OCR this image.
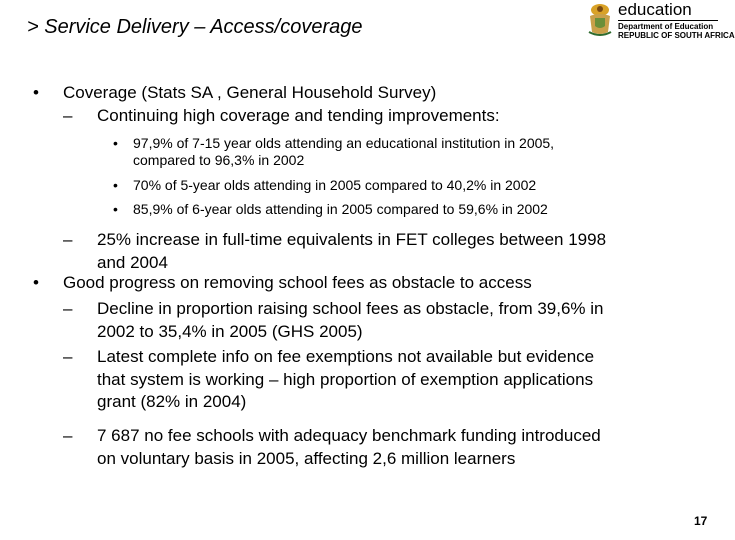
> Service Delivery – Access/coverage
education
Department of Education
REPUBLIC OF SOUTH AFRICA
• Coverage (Stats SA , General Household Survey)
– Continuing high coverage and tending improvements:
• 97,9% of 7-15 year olds attending an educational institution in 2005,
compared to 96,3% in 2002
• 70% of 5-year olds attending in 2005 compared to 40,2% in 2002
• 85,9% of 6-year olds attending in 2005 compared to 59,6% in 2002
– 25% increase in full-time equivalents in FET colleges between 1998
and 2004
• Good progress on removing school fees as obstacle to access
– Decline in proportion raising school fees as obstacle, from 39,6% in
2002 to 35,4% in 2005 (GHS 2005)
– Latest complete info on fee exemptions not available but evidence
that system is working – high proportion of exemption applications
grant (82% in 2004)
– 7 687 no fee schools with adequacy benchmark funding introduced
on voluntary basis in 2005, affecting 2,6 million learners
17
